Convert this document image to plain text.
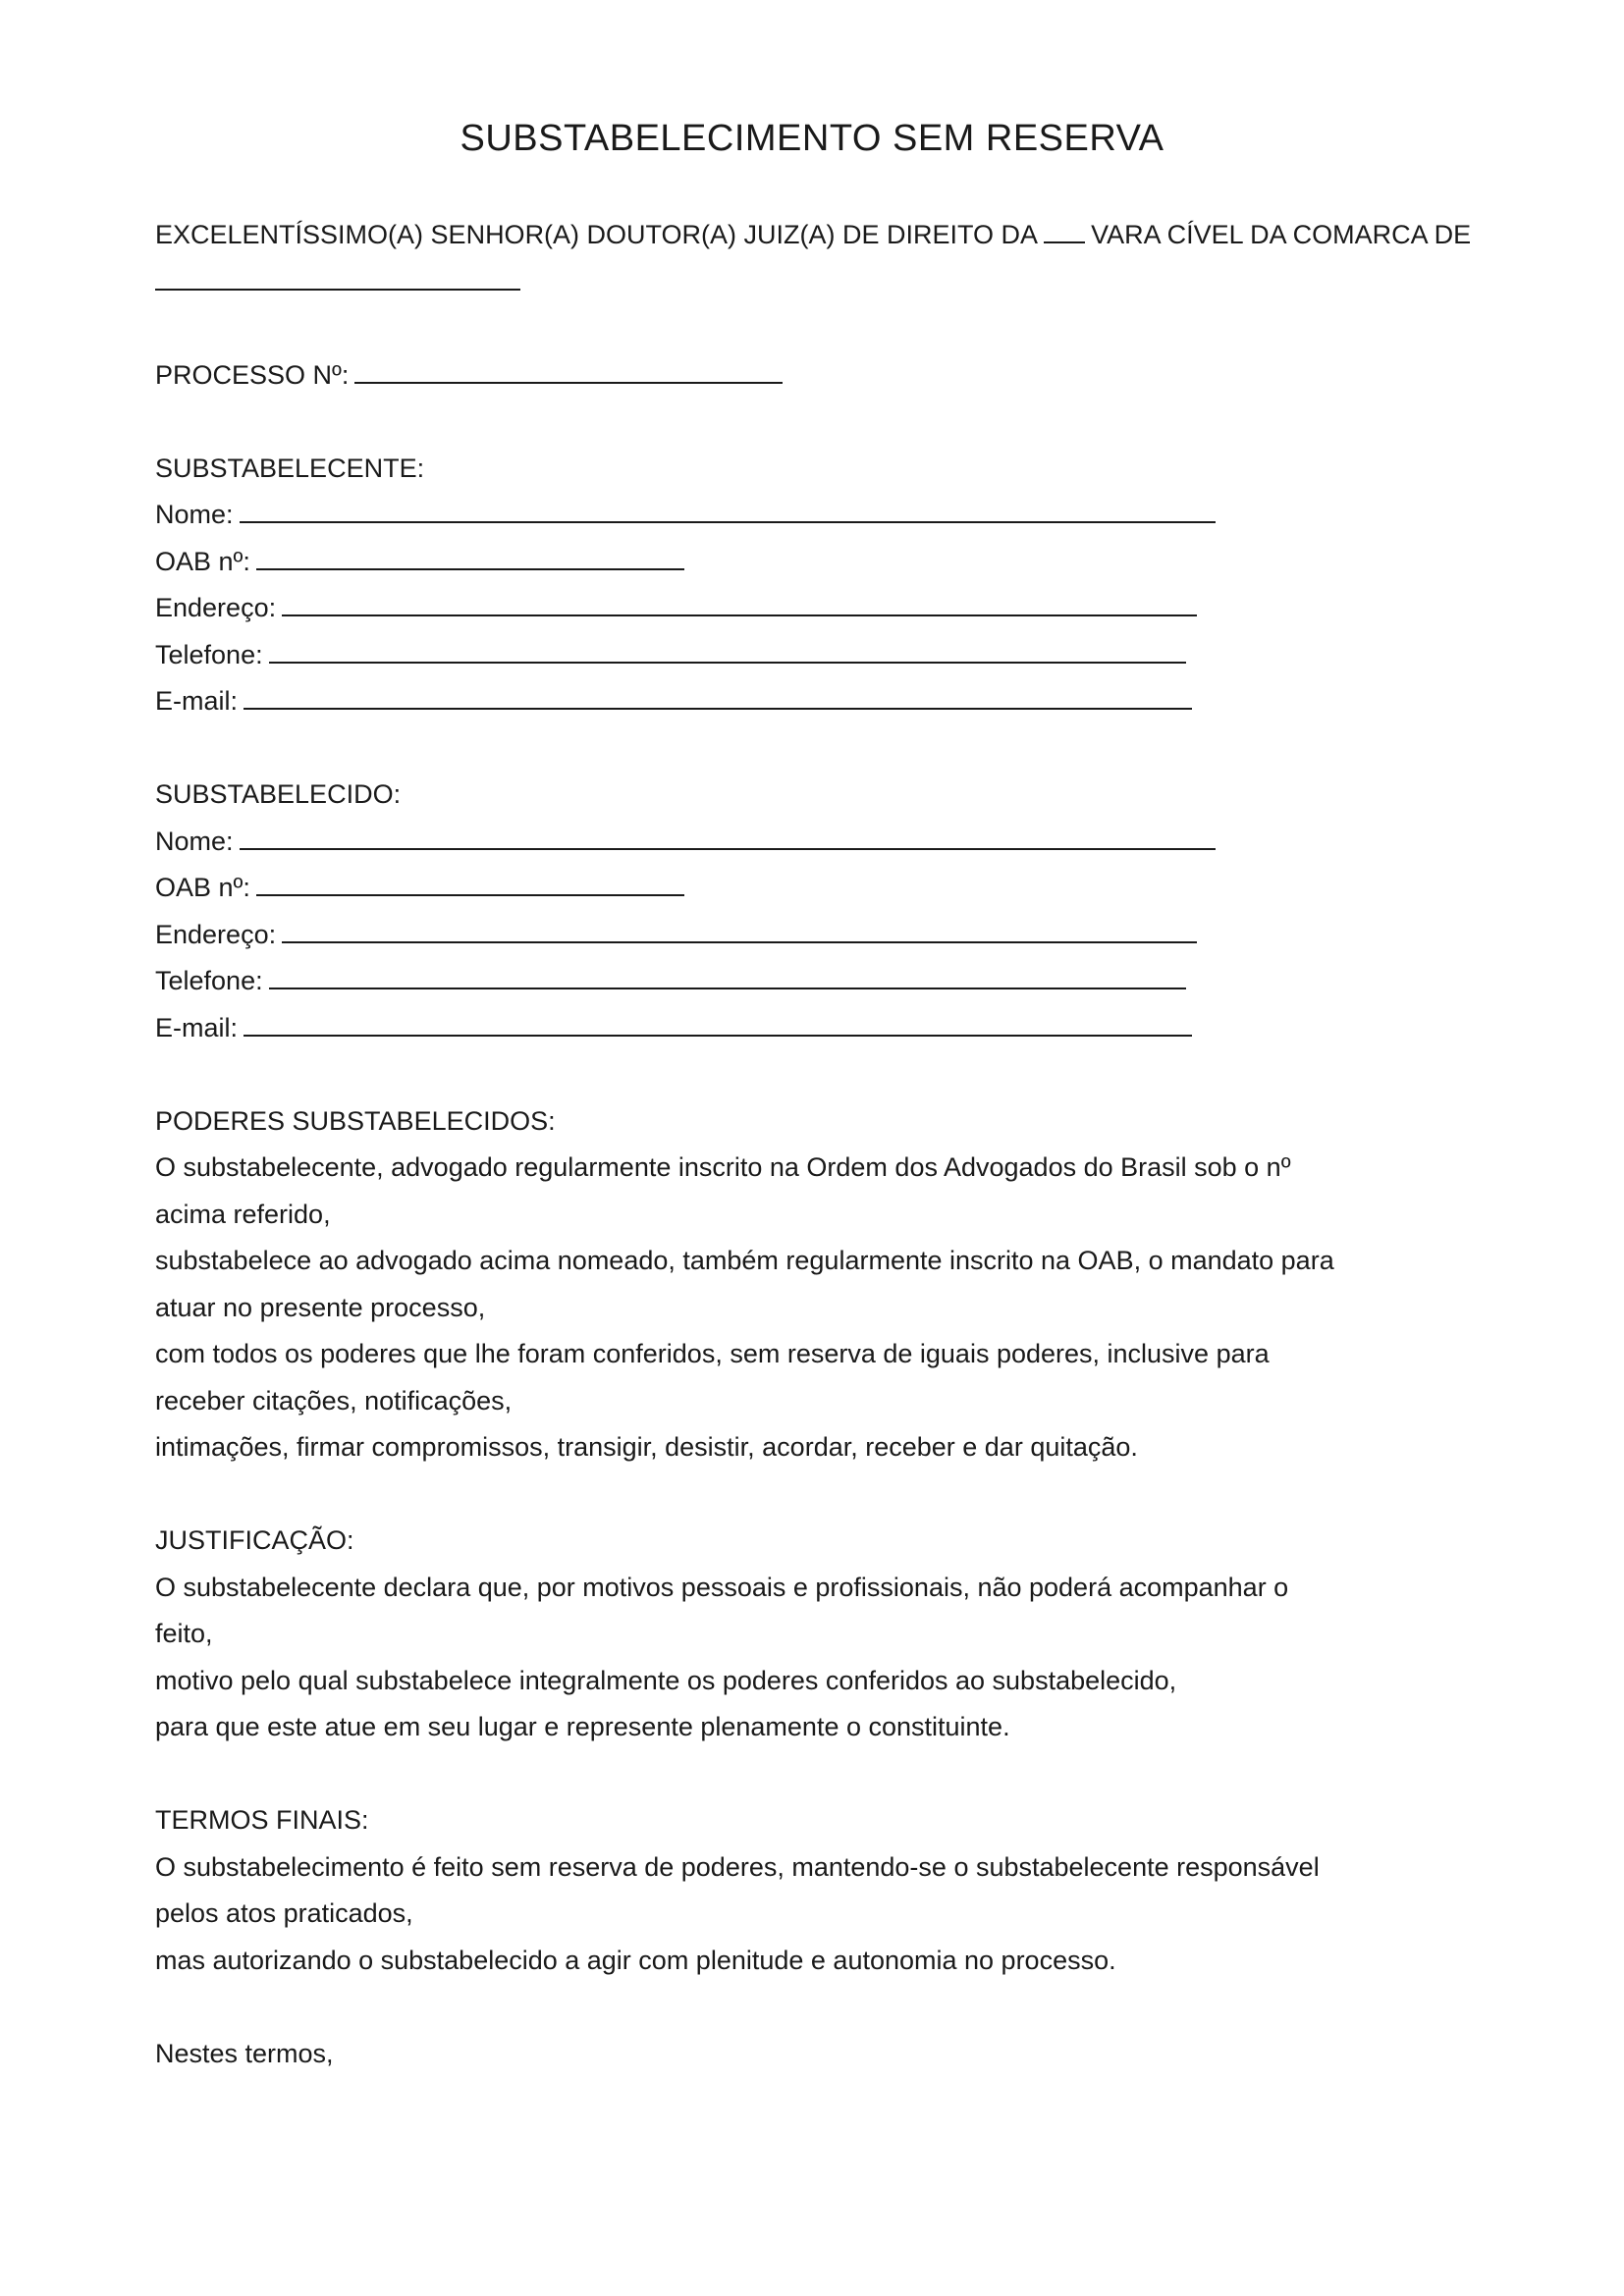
SUBSTABELECIMENTO SEM RESERVA
EXCELENTÍSSIMO(A) SENHOR(A) DOUTOR(A) JUIZ(A) DE DIREITO DA VARA CÍVEL DA COMARCA DE
PROCESSO Nº:
SUBSTABELECENTE:
Nome:
OAB nº:
Endereço:
Telefone:
E-mail:
SUBSTABELECIDO:
Nome:
OAB nº:
Endereço:
Telefone:
E-mail:
PODERES SUBSTABELECIDOS:
O substabelecente, advogado regularmente inscrito na Ordem dos Advogados do Brasil sob o nº
acima referido,
substabelece ao advogado acima nomeado, também regularmente inscrito na OAB, o mandato para
atuar no presente processo,
com todos os poderes que lhe foram conferidos, sem reserva de iguais poderes, inclusive para
receber citações, notificações,
intimações, firmar compromissos, transigir, desistir, acordar, receber e dar quitação.
JUSTIFICAÇÃO:
O substabelecente declara que, por motivos pessoais e profissionais, não poderá acompanhar o
feito,
motivo pelo qual substabelece integralmente os poderes conferidos ao substabelecido,
para que este atue em seu lugar e represente plenamente o constituinte.
TERMOS FINAIS:
O substabelecimento é feito sem reserva de poderes, mantendo-se o substabelecente responsável
pelos atos praticados,
mas autorizando o substabelecido a agir com plenitude e autonomia no processo.
Nestes termos,
